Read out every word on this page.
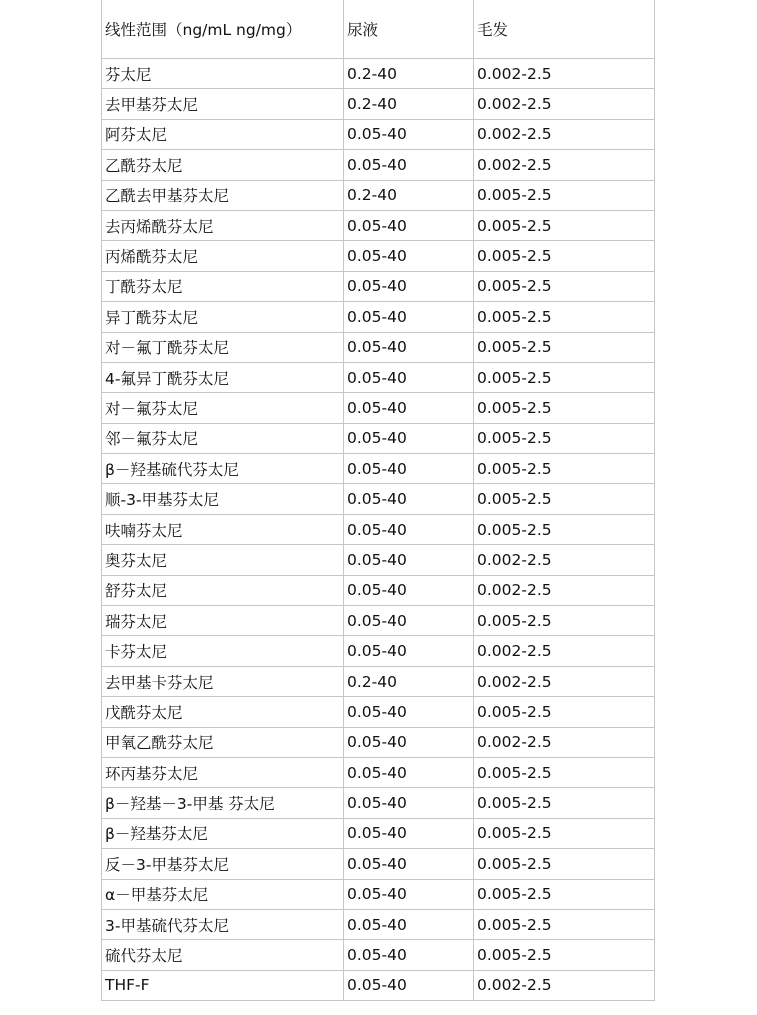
线性范围（ng/mL ng/mg）	尿液	毛发
芬太尼	0.2-40	0.002-2.5
去甲基芬太尼	0.2-40	0.002-2.5
阿芬太尼	0.05-40	0.002-2.5
乙酰芬太尼	0.05-40	0.002-2.5
乙酰去甲基芬太尼	0.2-40	0.005-2.5
去丙烯酰芬太尼	0.05-40	0.005-2.5
丙烯酰芬太尼	0.05-40	0.005-2.5
丁酰芬太尼	0.05-40	0.005-2.5
异丁酰芬太尼	0.05-40	0.005-2.5
对－氟丁酰芬太尼	0.05-40	0.005-2.5
4-氟异丁酰芬太尼	0.05-40	0.005-2.5
对－氟芬太尼	0.05-40	0.005-2.5
邻－氟芬太尼	0.05-40	0.005-2.5
β－羟基硫代芬太尼	0.05-40	0.005-2.5
顺-3-甲基芬太尼	0.05-40	0.005-2.5
呋喃芬太尼	0.05-40	0.005-2.5
奥芬太尼	0.05-40	0.002-2.5
舒芬太尼	0.05-40	0.002-2.5
瑞芬太尼	0.05-40	0.005-2.5
卡芬太尼	0.05-40	0.002-2.5
去甲基卡芬太尼	0.2-40	0.002-2.5
戊酰芬太尼	0.05-40	0.005-2.5
甲氧乙酰芬太尼	0.05-40	0.002-2.5
环丙基芬太尼	0.05-40	0.005-2.5
β－羟基－3-甲基 芬太尼	0.05-40	0.005-2.5
β－羟基芬太尼	0.05-40	0.005-2.5
反－3-甲基芬太尼	0.05-40	0.005-2.5
α－甲基芬太尼	0.05-40	0.005-2.5
3-甲基硫代芬太尼	0.05-40	0.005-2.5
硫代芬太尼	0.05-40	0.005-2.5
THF-F	0.05-40	0.002-2.5
